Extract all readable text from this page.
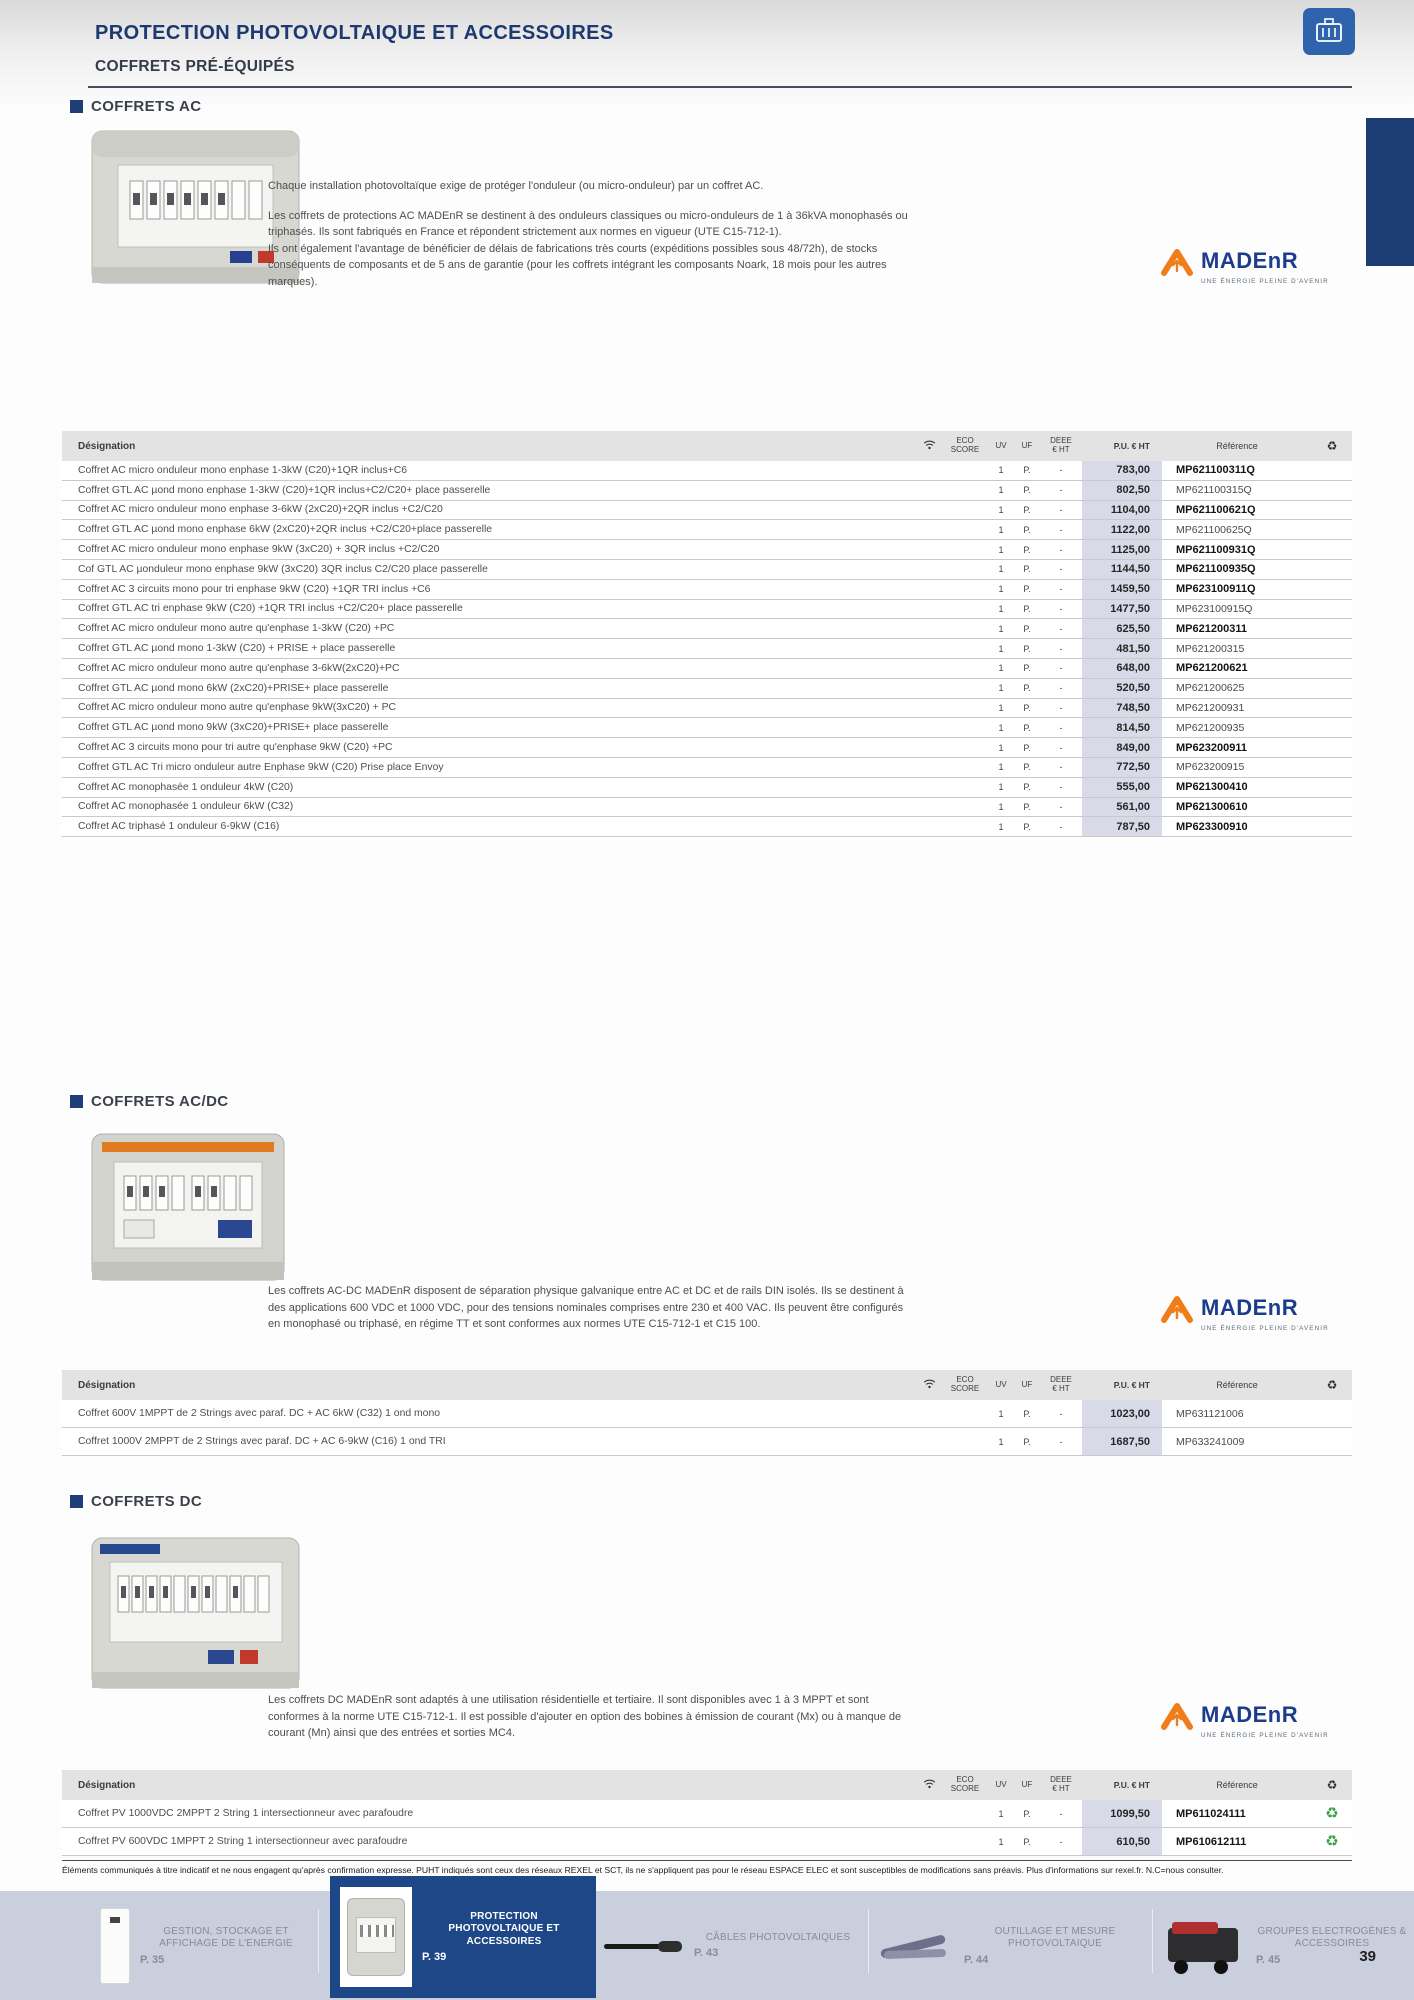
PROTECTION PHOTOVOLTAIQUE ET ACCESSOIRES
COFFRETS PRÉ-ÉQUIPÉS
COFFRETS AC

Chaque installation photovoltaïque exige de protéger l'onduleur (ou micro-onduleur) par un coffret AC.

Les coffrets de protections AC MADEnR se destinent à des onduleurs classiques ou micro-onduleurs de 1 à 36kVA monophasés ou triphasés. Ils sont fabriqués en France et répondent strictement aux normes en vigueur (UTE C15-712-1).

Ils ont également l'avantage de bénéficier de délais de fabrications très courts (expéditions possibles sous 48/72h), de stocks conséquents de composants et de 5 ans de garantie (pour les coffrets intégrant les composants Noark, 18 mois pour les autres marques).

MADEnR
UNE ÉNERGIE PLEINE D'AVENIR
Désignation	ECO
SCORE	UV	UF	DEEE
€ HT	P.U. € HT	Référence	♻
Coffret AC micro onduleur mono enphase 1-3kW (C20)+1QR inclus+C6	1	P.	-	783,00	MP621100311Q
Coffret GTL AC µond mono enphase 1-3kW (C20)+1QR inclus+C2/C20+ place passerelle	1	P.	-	802,50	MP621100315Q
Coffret AC micro onduleur mono enphase 3-6kW (2xC20)+2QR inclus +C2/C20	1	P.	-	1104,00	MP621100621Q
Coffret GTL AC µond mono enphase 6kW (2xC20)+2QR inclus +C2/C20+place passerelle	1	P.	-	1122,00	MP621100625Q
Coffret AC micro onduleur mono enphase 9kW (3xC20) + 3QR inclus +C2/C20	1	P.	-	1125,00	MP621100931Q
Cof GTL AC µonduleur mono enphase 9kW (3xC20) 3QR inclus C2/C20 place passerelle	1	P.	-	1144,50	MP621100935Q
Coffret AC 3 circuits mono pour tri enphase 9kW (C20) +1QR TRI inclus +C6	1	P.	-	1459,50	MP623100911Q
Coffret GTL AC tri enphase 9kW (C20) +1QR TRI inclus +C2/C20+ place passerelle	1	P.	-	1477,50	MP623100915Q
Coffret AC micro onduleur mono autre qu'enphase 1-3kW (C20) +PC	1	P.	-	625,50	MP621200311
Coffret GTL AC µond mono 1-3kW (C20) + PRISE + place passerelle	1	P.	-	481,50	MP621200315
Coffret AC micro onduleur mono autre qu'enphase 3-6kW(2xC20)+PC	1	P.	-	648,00	MP621200621
Coffret GTL AC µond mono 6kW (2xC20)+PRISE+ place passerelle	1	P.	-	520,50	MP621200625
Coffret AC micro onduleur mono autre qu'enphase 9kW(3xC20) + PC	1	P.	-	748,50	MP621200931
Coffret GTL AC µond mono 9kW (3xC20)+PRISE+ place passerelle	1	P.	-	814,50	MP621200935
Coffret AC 3 circuits mono pour tri autre qu'enphase 9kW (C20) +PC	1	P.	-	849,00	MP623200911
Coffret GTL AC Tri micro onduleur autre Enphase 9kW (C20) Prise place Envoy	1	P.	-	772,50	MP623200915
Coffret AC monophasée 1 onduleur 4kW (C20)	1	P.	-	555,00	MP621300410
Coffret AC monophasée 1 onduleur 6kW (C32)	1	P.	-	561,00	MP621300610
Coffret AC triphasé 1 onduleur 6-9kW (C16)	1	P.	-	787,50	MP623300910
COFFRETS AC/DC

Les coffrets AC-DC MADEnR disposent de séparation physique galvanique entre AC et DC et de rails DIN isolés. Ils se destinent à des applications 600 VDC et 1000 VDC, pour des tensions nominales comprises entre 230 et 400 VAC. Ils peuvent être configurés en monophasé ou triphasé, en régime TT et sont conformes aux normes UTE C15-712-1 et C15 100.

MADEnR
UNE ÉNERGIE PLEINE D'AVENIR
Désignation	ECO
SCORE	UV	UF	DEEE
€ HT	P.U. € HT	Référence	♻
Coffret 600V 1MPPT de 2 Strings avec paraf. DC + AC 6kW (C32) 1 ond mono	1	P.	-	1023,00	MP631121006
Coffret 1000V 2MPPT de 2 Strings avec paraf. DC + AC 6-9kW (C16) 1 ond TRI	1	P.	-	1687,50	MP633241009
COFFRETS DC

Les coffrets DC MADEnR sont adaptés à une utilisation résidentielle et tertiaire. Il sont disponibles avec 1 à 3 MPPT et sont conformes à la norme UTE C15-712-1. Il est possible d'ajouter en option des bobines à émission de courant (Mx) ou à manque de courant (Mn) ainsi que des entrées et sorties MC4.

MADEnR
UNE ÉNERGIE PLEINE D'AVENIR
Désignation	ECO
SCORE	UV	UF	DEEE
€ HT	P.U. € HT	Référence	♻
Coffret PV 1000VDC 2MPPT 2 String 1 intersectionneur avec parafoudre	1	P.	-	1099,50	MP611024111	♻
Coffret PV 600VDC 1MPPT 2 String 1 intersectionneur avec parafoudre	1	P.	-	610,50	MP610612111	♻
Éléments communiqués à titre indicatif et ne nous engagent qu'après confirmation expresse. PUHT indiqués sont ceux des réseaux REXEL et SCT, ils ne s'appliquent pas pour le réseau ESPACE ELEC et sont susceptibles de modifications sans préavis. Plus d'informations sur rexel.fr. N.C=nous consulter.
GESTION, STOCKAGE ET AFFICHAGE DE L'ENERGIE
P. 35
PROTECTION PHOTOVOLTAIQUE ET ACCESSOIRES
P. 39
CÂBLES PHOTOVOLTAIQUES
P. 43
OUTILLAGE ET MESURE PHOTOVOLTAIQUE
P. 44
GROUPES ELECTROGÈNES & ACCESSOIRES
P. 45	39
